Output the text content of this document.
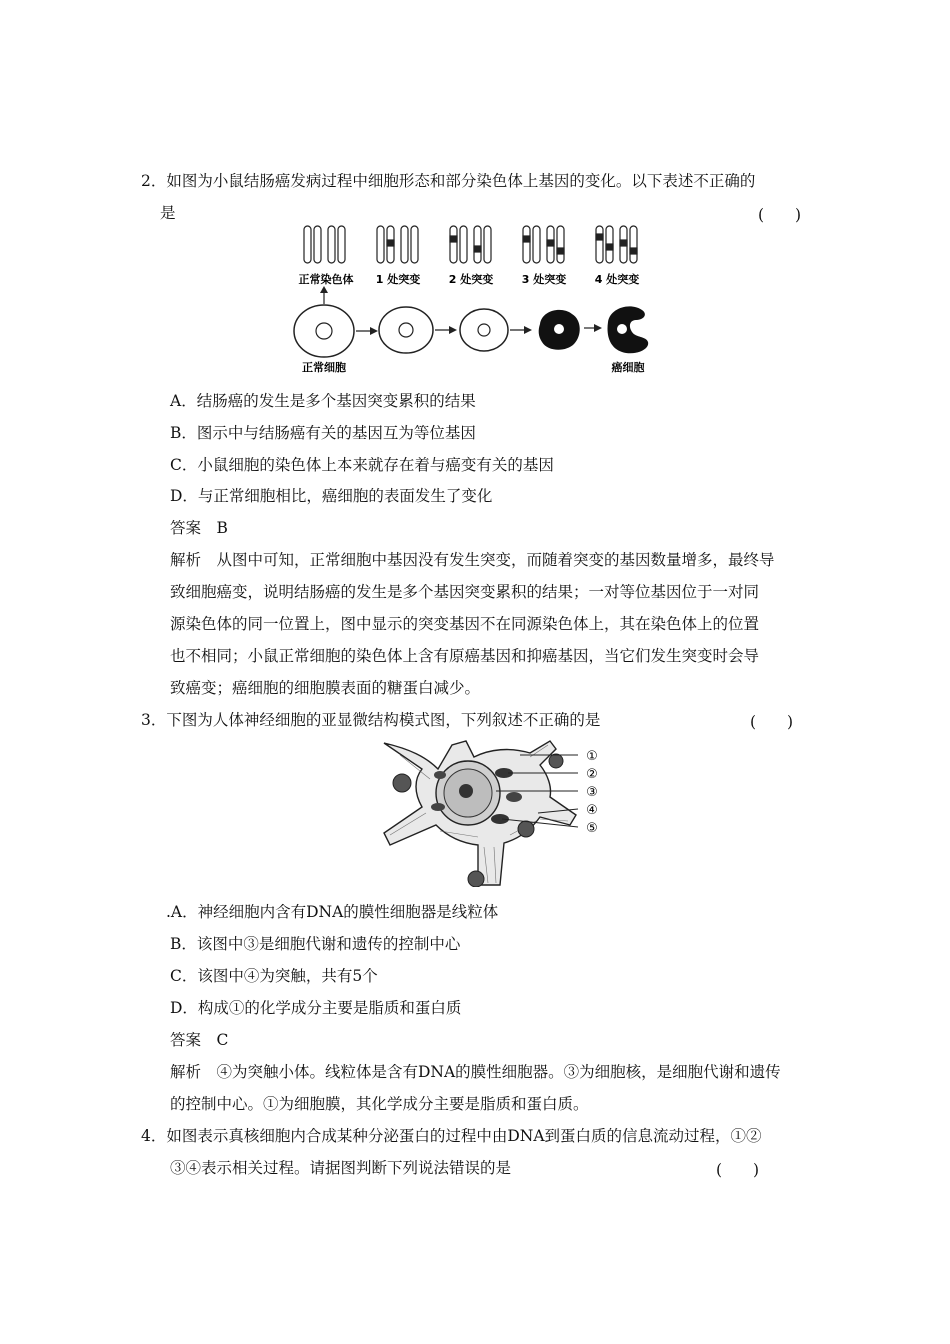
2．如图为小鼠结肠癌发病过程中细胞形态和部分染色体上基因的变化。以下表述不正确的
是	(　　)
正常染色体 1 处突变	2 处突变	3 处突变	4 处突变
正常细胞	癌细胞
A．结肠癌的发生是多个基因突变累积的结果
B．图示中与结肠癌有关的基因互为等位基因
C．小鼠细胞的染色体上本来就存在着与癌变有关的基因
D．与正常细胞相比，癌细胞的表面发生了变化
答案　B
解析　从图中可知，正常细胞中基因没有发生突变，而随着突变的基因数量增多，最终导
致细胞癌变，说明结肠癌的发生是多个基因突变累积的结果；一对等位基因位于一对同
源染色体的同一位置上，图中显示的突变基因不在同源染色体上，其在染色体上的位置
也不相同；小鼠正常细胞的染色体上含有原癌基因和抑癌基因，当它们发生突变时会导
致癌变；癌细胞的细胞膜表面的糖蛋白减少。
3．下图为人体神经细胞的亚显微结构模式图，下列叙述不正确的是	(　　)
①
②
③
④
⑤
.A．神经细胞内含有DNA的膜性细胞器是线粒体
B．该图中③是细胞代谢和遗传的控制中心
C．该图中④为突触，共有5个
D．构成①的化学成分主要是脂质和蛋白质
答案　C
解析　④为突触小体。线粒体是含有DNA的膜性细胞器。③为细胞核，是细胞代谢和遗传
的控制中心。①为细胞膜，其化学成分主要是脂质和蛋白质。
4．如图表示真核细胞内合成某种分泌蛋白的过程中由DNA到蛋白质的信息流动过程，①②
③④表示相关过程。请据图判断下列说法错误的是	(　　)
